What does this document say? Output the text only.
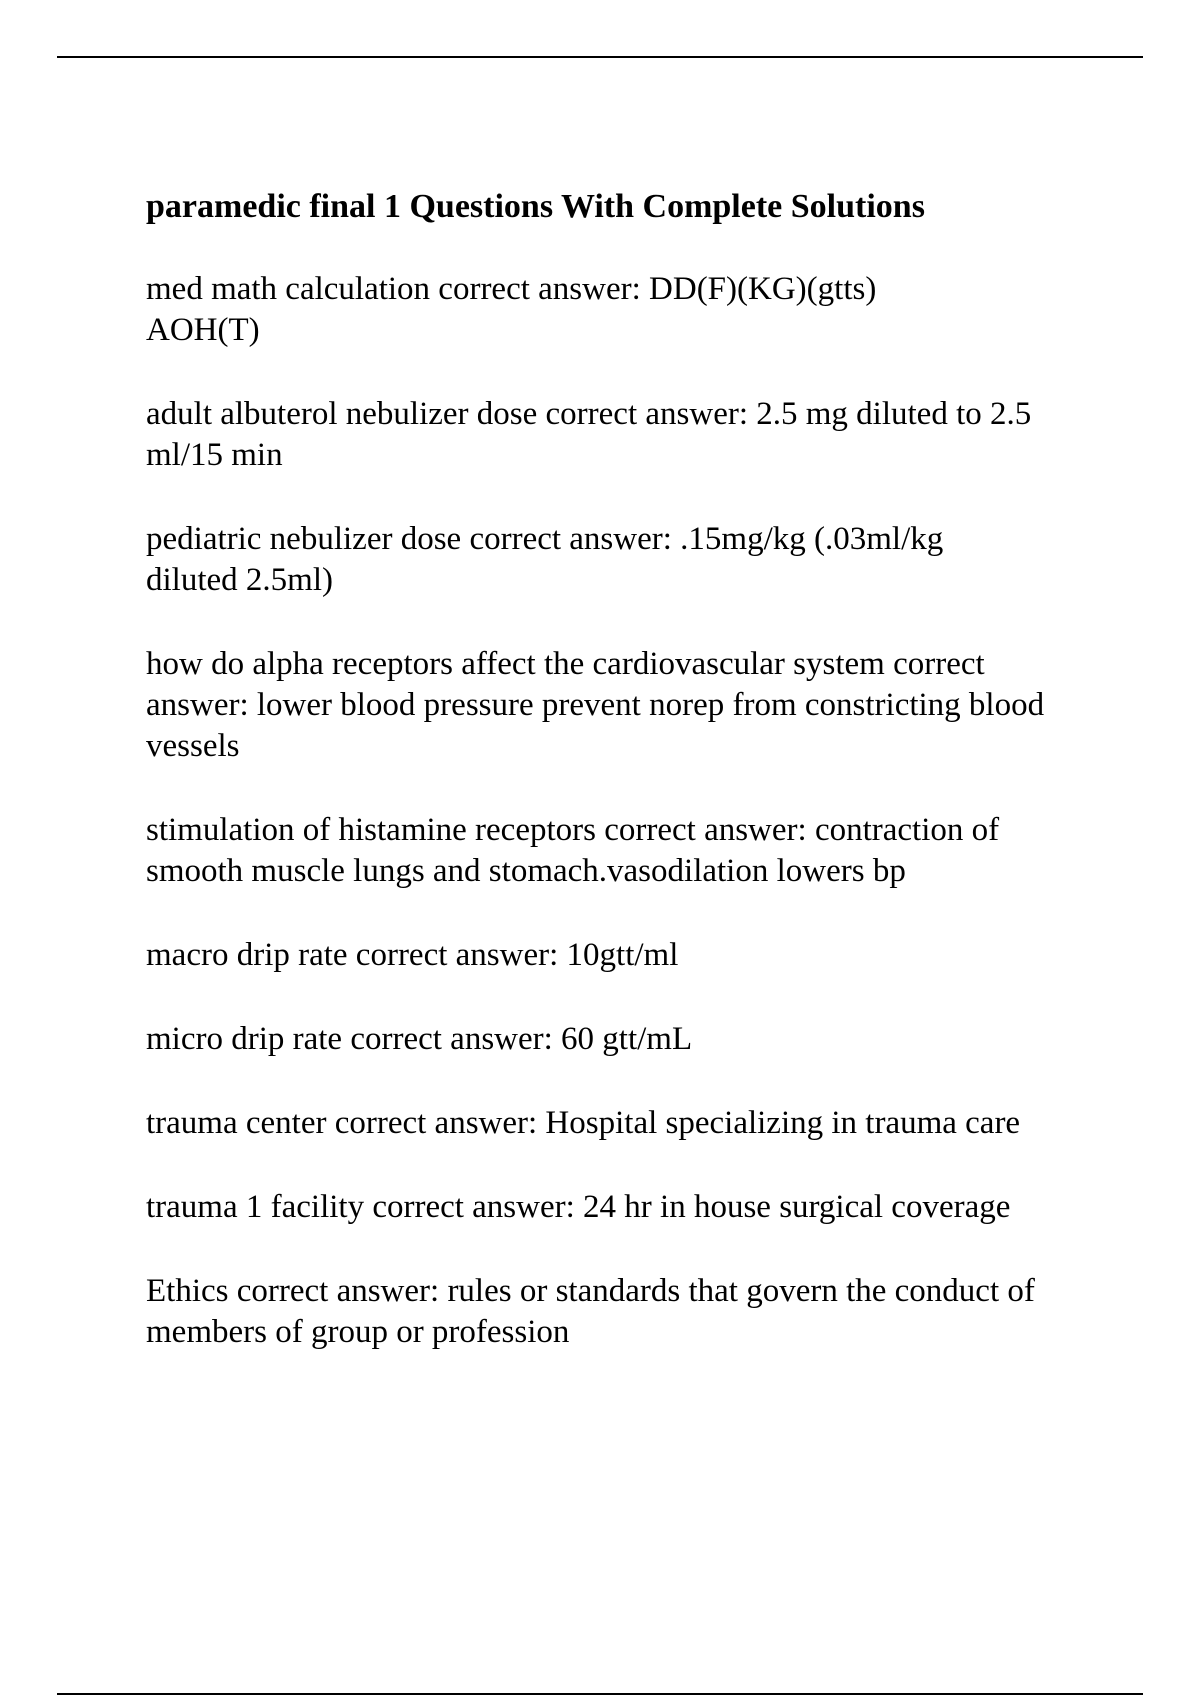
paramedic final 1 Questions With Complete Solutions
med math calculation correct answer: DD(F)(KG)(gtts)
AOH(T)
adult albuterol nebulizer dose correct answer: 2.5 mg diluted to 2.5 ml/15 min
pediatric nebulizer dose correct answer: .15mg/kg (.03ml/kg
diluted 2.5ml)
how do alpha receptors affect the cardiovascular system correct answer: lower blood pressure prevent norep from constricting blood vessels
stimulation of histamine receptors correct answer: contraction of smooth muscle lungs and stomach.vasodilation lowers bp
macro drip rate correct answer: 10gtt/ml
micro drip rate correct answer: 60 gtt/mL
trauma center correct answer: Hospital specializing in trauma care
trauma 1 facility correct answer: 24 hr in house surgical coverage
Ethics correct answer: rules or standards that govern the conduct of members of group or profession
